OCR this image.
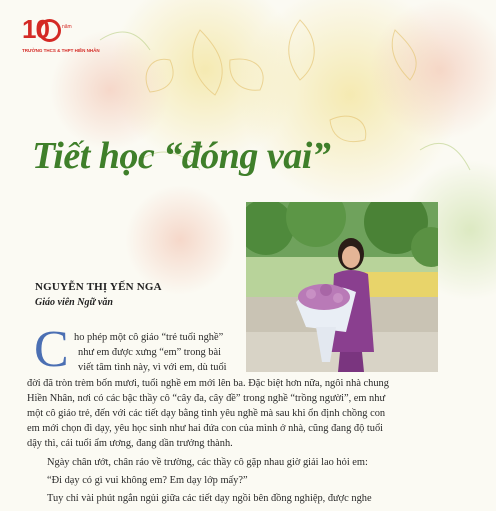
10	năm
TRƯỜNG THCS & THPT HIỀN NHÂN
Tiết học “đóng vai”
NGUYỄN THỊ YẾN NGA
Giáo viên Ngữ văn
C ho phép một cô giáo “trẻ tuổi nghề”

như em được xưng “em” trong bài

viết tâm tình này, vì với em, dù tuổi

đời đã tròn trèm bốn mươi, tuổi nghề em mới lên ba. Đặc biệt hơn nữa, ngôi nhà chung

Hiền Nhân, nơi có các bậc thầy cô “cây đa, cây đề” trong nghề “trồng người”, em như

một cô giáo trẻ, đến với các tiết dạy bằng tình yêu nghề mà sau khi ổn định chồng con

em mới chọn đi dạy, yêu học sinh như hai đứa con của mình ở nhà, cũng đang độ tuổi

dậy thì, cái tuổi ẩm ương, đang dần trưởng thành.

Ngày chân ướt, chân ráo về trường, các thầy cô gặp nhau giờ giải lao hỏi em:

“Đi dạy có gì vui không em? Em dạy lớp mấy?”

Tuy chỉ vài phút ngắn ngủi giữa các tiết dạy ngồi bên đồng nghiệp, được nghe
